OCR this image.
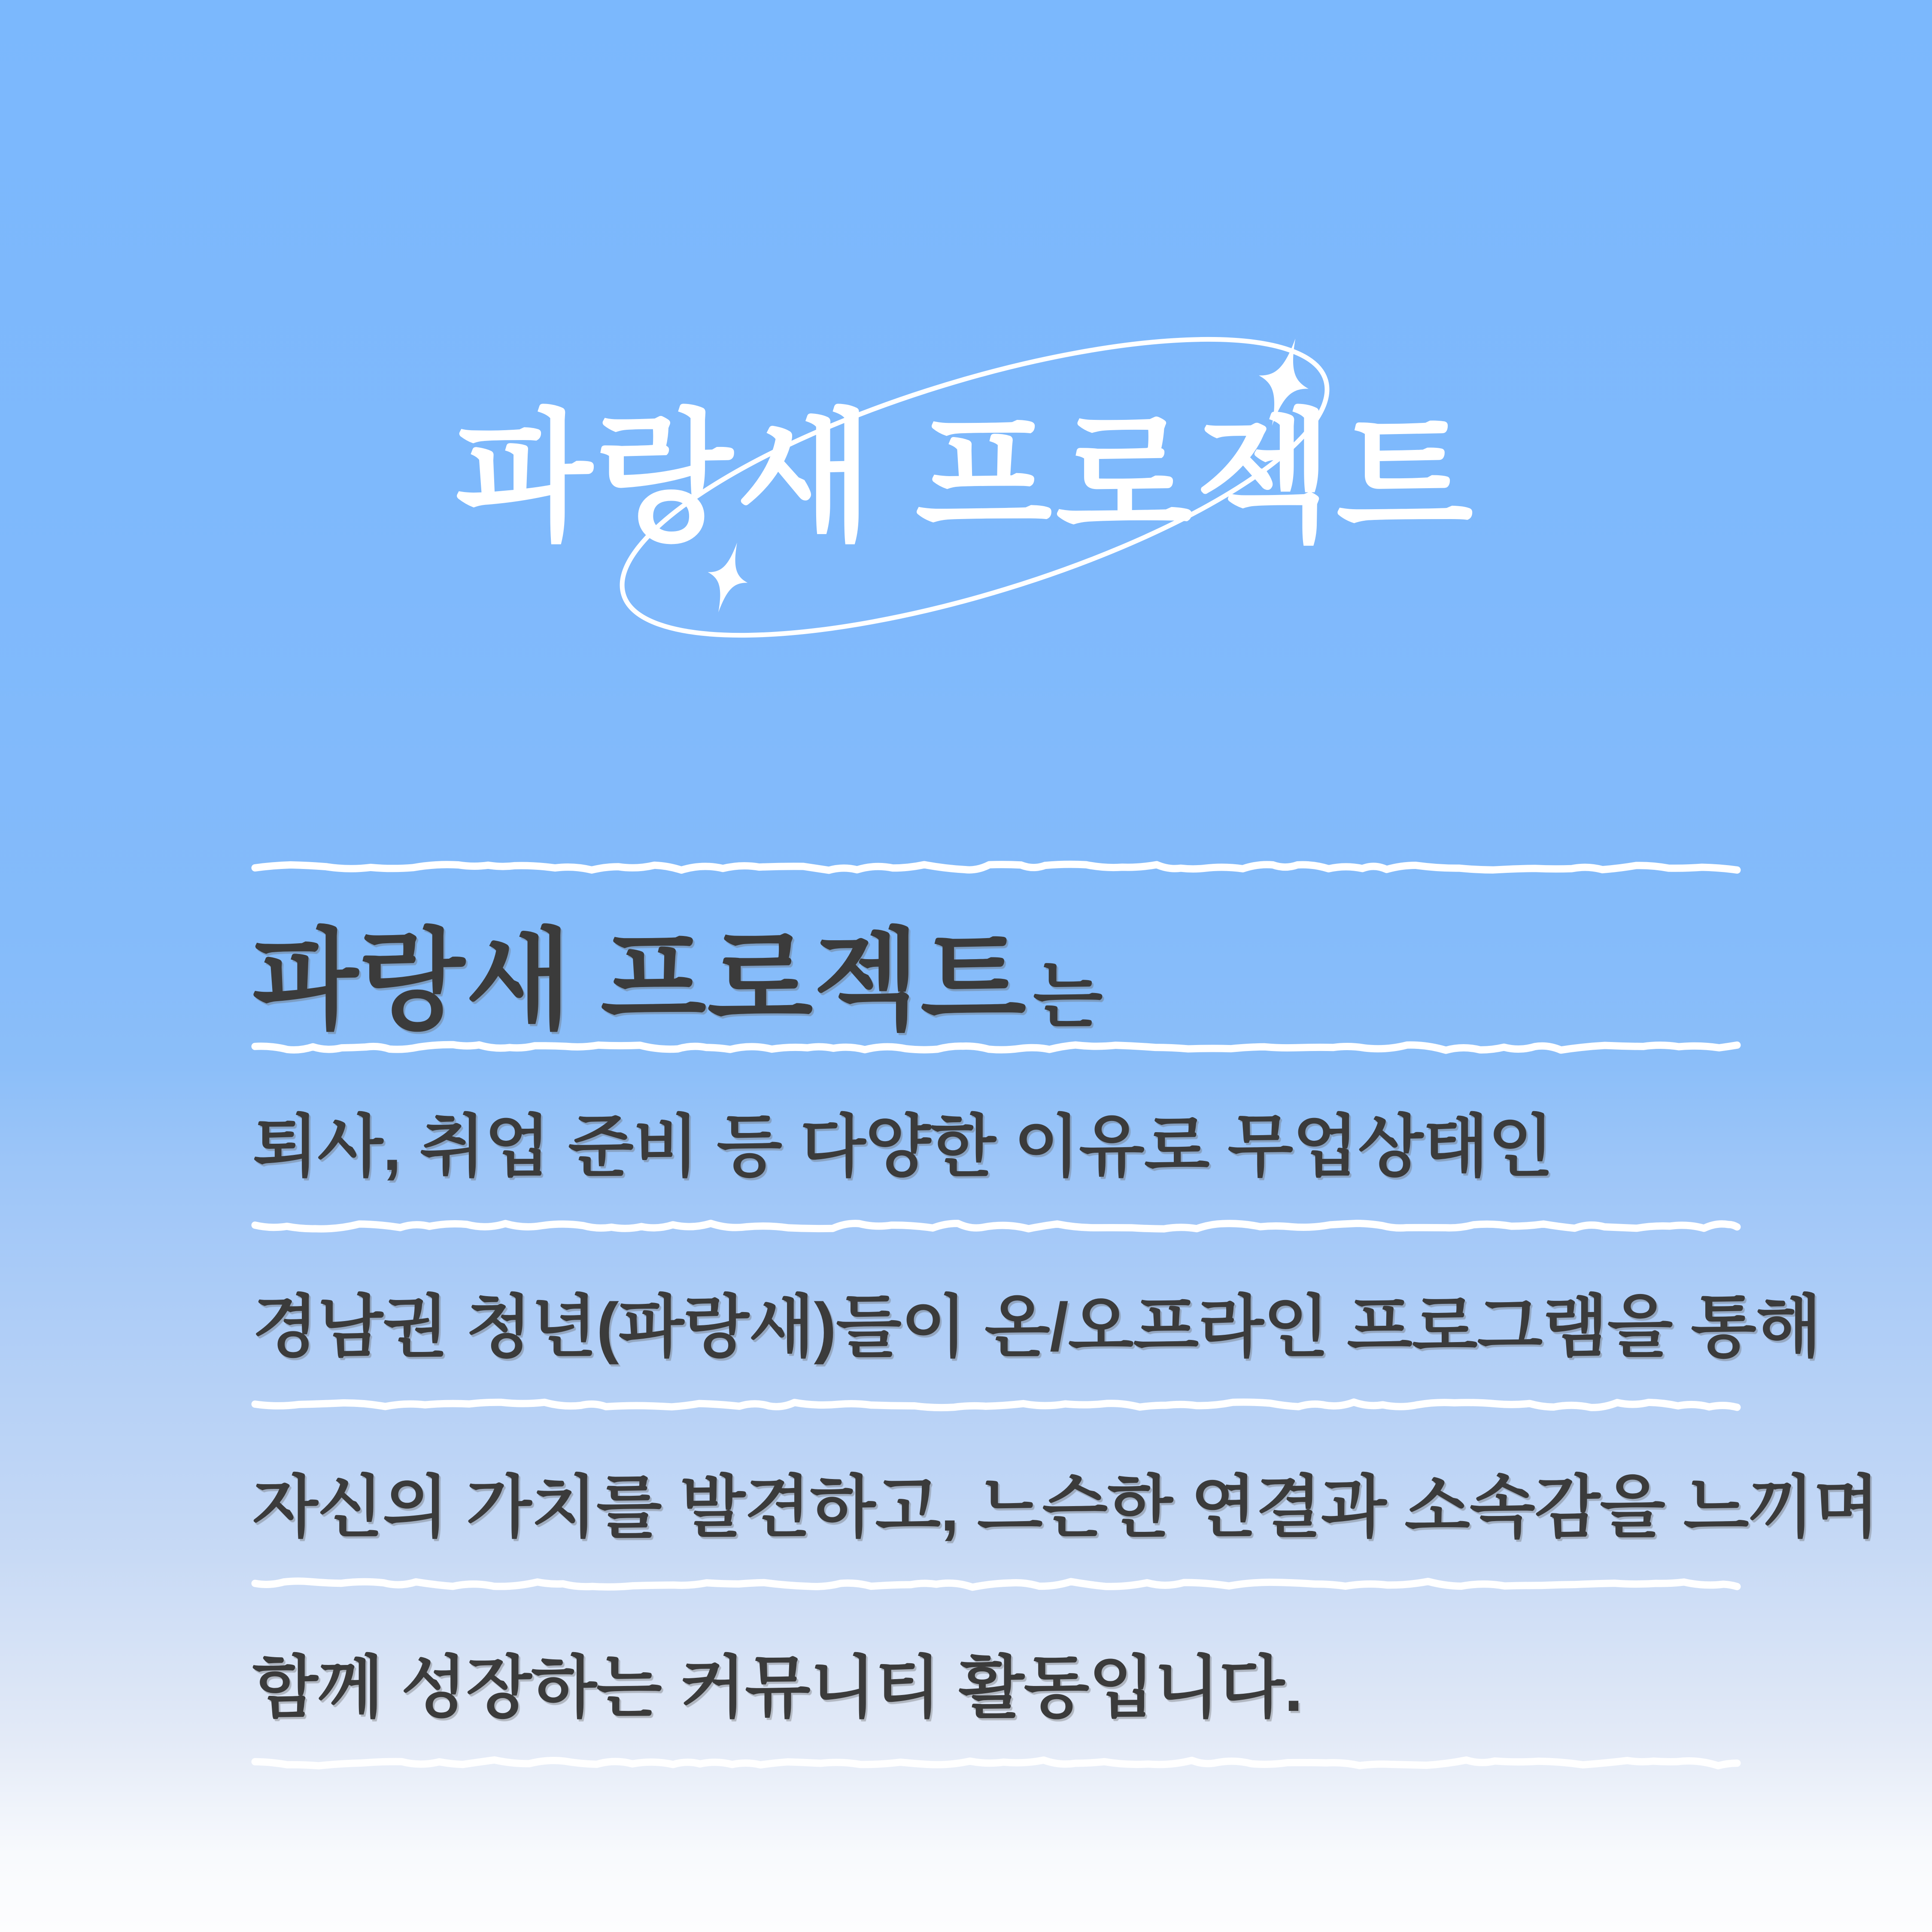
파랑새 프로젝트
파랑새 프로젝트는
퇴사, 취업 준비 등 다양한 이유로 무업상태인
경남권 청년(파랑새)들이 온/오프라인 프로그램을 통해
자신의 가치를 발견하고, 느슨한 연결과 소속감을 느끼며
함께 성장하는 커뮤니티 활동입니다.
